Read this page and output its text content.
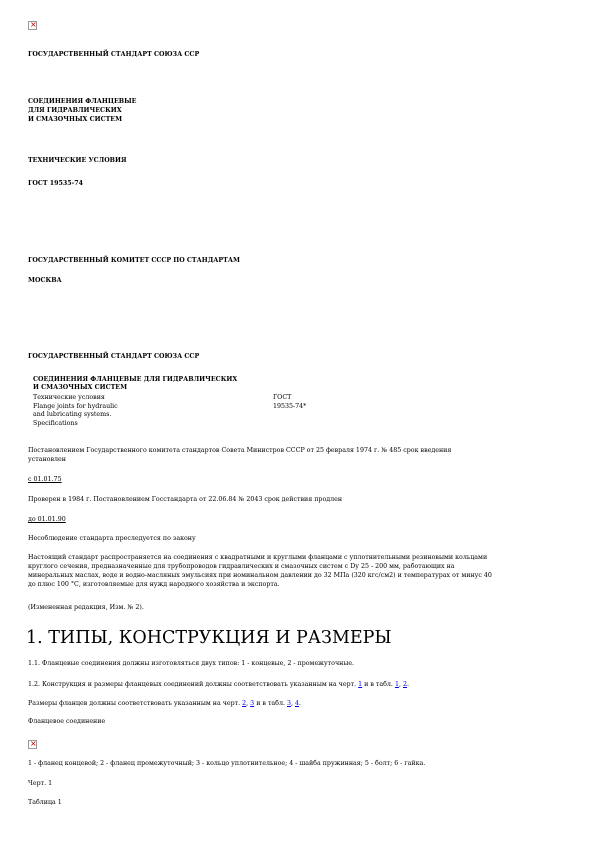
×
ГОСУДАРСТВЕННЫЙ СТАНДАРТ СОЮЗА ССР
СОЕДИНЕНИЯ ФЛАНЦЕВЫЕ
ДЛЯ ГИДРАВЛИЧЕСКИХ
И СМАЗОЧНЫХ СИСТЕМ
ТЕХНИЧЕСКИЕ УСЛОВИЯ
ГОСТ 19535-74
ГОСУДАРСТВЕННЫЙ КОМИТЕТ СССР ПО СТАНДАРТАМ
МОСКВА
ГОСУДАРСТВЕННЫЙ СТАНДАРТ СОЮЗА ССР
СОЕДИНЕНИЯ ФЛАНЦЕВЫЕ ДЛЯ ГИДРАВЛИЧЕСКИХ
И СМАЗОЧНЫХ СИСТЕМ
Технические условия	ГОСТ
Flange joints for hydraulic	19535-74*
and lubricating systems.
Specifications
Постановлением Государственного комитета стандартов Совета Министров СССР от 25 февраля 1974 г. № 485 срок введения
установлен
с 01.01.75
Проверен в 1984 г. Постановлением Госстандарта от 22.06.84 № 2043 срок действия продлен
до 01.01.90
Несоблюдение стандарта преследуется по закону
Настоящий стандарт распространяется на соединения с квадратными и круглыми фланцами с уплотнительными резиновыми кольцами
круглого сечения, предназначенные для трубопроводов гидравлических и смазочных систем с Dу 25 - 200 мм, работающих на
минеральных маслах, воде и водно-масляных эмульсиях при номинальном давлении до 32 МПа (320 кгс/см2) и температурах от минус 40
до плюс 100 °С, изготовляемые для нужд народного хозяйства и экспорта.
(Измененная редакция, Изм. № 2).
1. ТИПЫ, КОНСТРУКЦИЯ И РАЗМЕРЫ
1.1. Фланцевые соединения должны изготовляться двух типов: 1 - концевые, 2 - промежуточные.
1.2. Конструкция и размеры фланцевых соединений должны соответствовать указанным на черт. 1 и в табл. 1, 2.
Размеры фланцев должны соответствовать указанным на черт. 2, 3 и в табл. 3, 4.
Фланцевое соединение
×
1 - фланец концевой; 2 - фланец промежуточный; 3 - кольцо уплотнительное; 4 - шайба пружинная; 5 - болт; 6 - гайка.
Черт. 1
Таблица 1
